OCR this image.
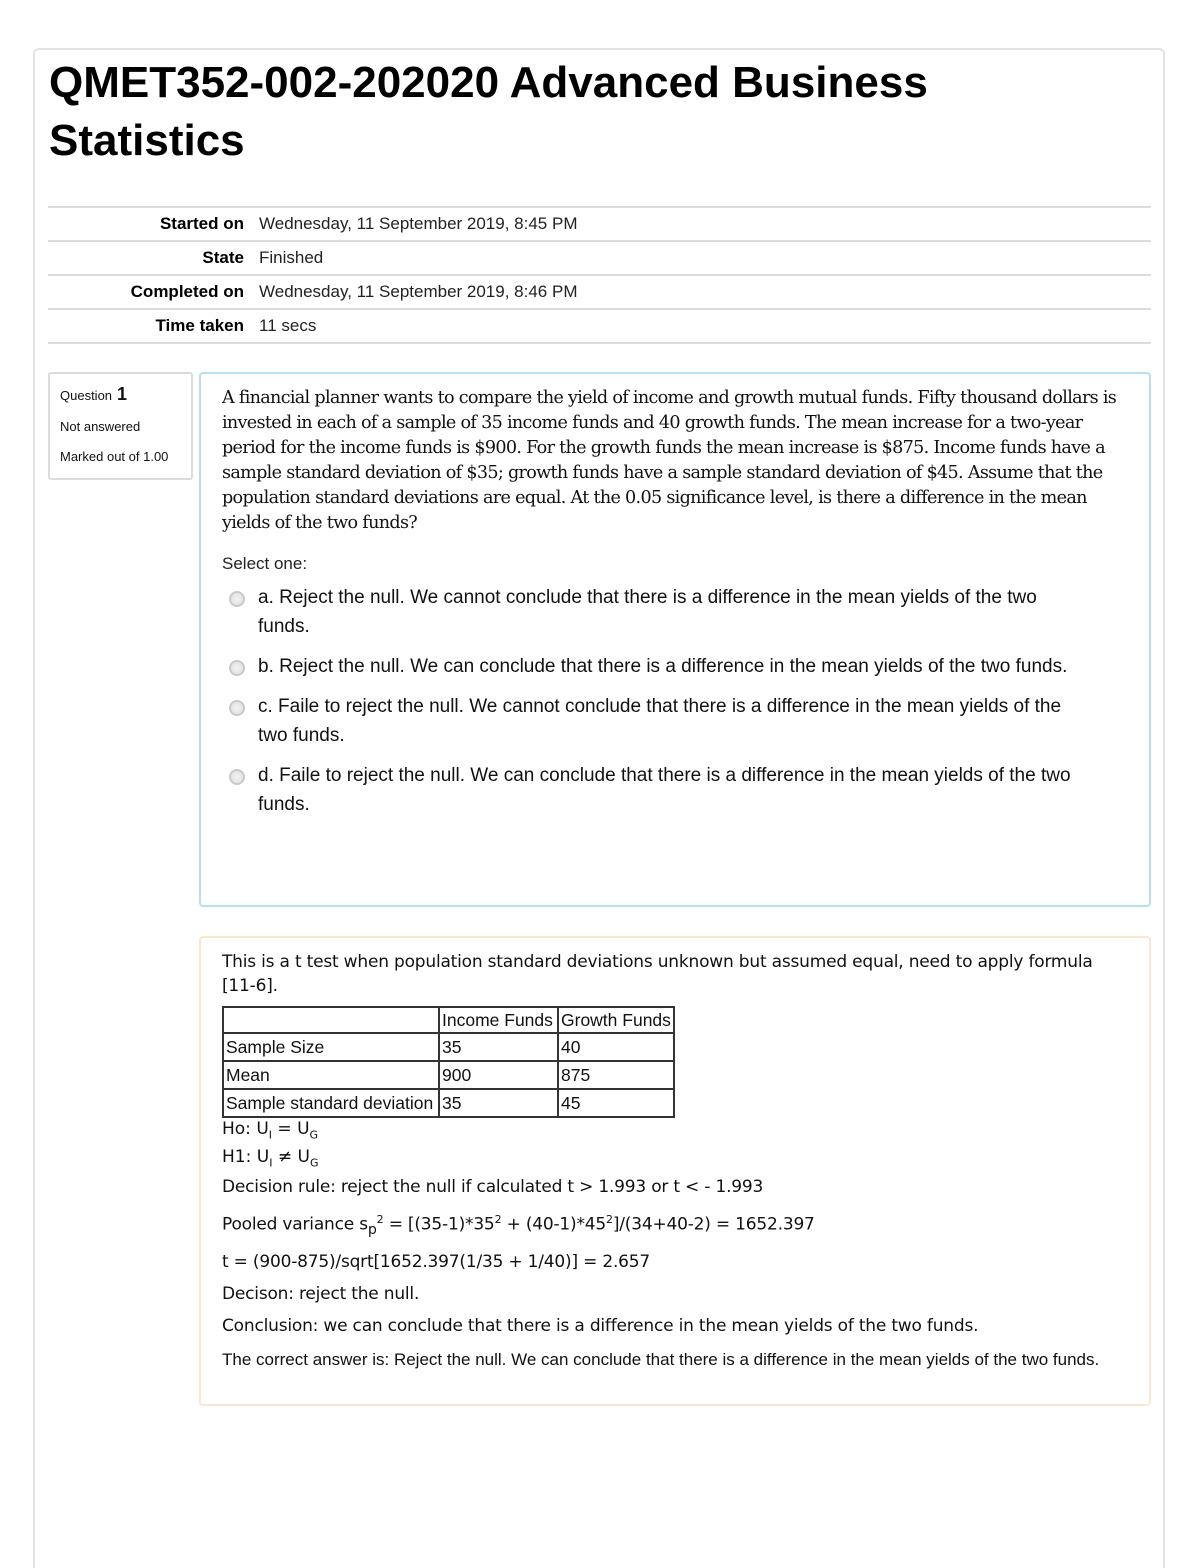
QMET352-002-202020 Advanced Business Statistics
Started on	Wednesday, 11 September 2019, 8:45 PM
State	Finished
Completed on	Wednesday, 11 September 2019, 8:46 PM
Time taken	11 secs
Question 1
Not answered
Marked out of 1.00

A financial planner wants to compare the yield of income and growth mutual funds. Fifty thousand dollars is invested in each of a sample of 35 income funds and 40 growth funds. The mean increase for a two-year period for the income funds is $900. For the growth funds the mean increase is $875. Income funds have a sample standard deviation of $35; growth funds have a sample standard deviation of $45. Assume that the population standard deviations are equal. At the 0.05 significance level, is there a difference in the mean yields of the two funds?

Select one:
a. Reject the null. We cannot conclude that there is a difference in the mean yields of the two funds.
b. Reject the null. We can conclude that there is a difference in the mean yields of the two funds.
c. Faile to reject the null. We cannot conclude that there is a difference in the mean yields of the two funds.
d. Faile to reject the null. We can conclude that there is a difference in the mean yields of the two funds.

This is a t test when population standard deviations unknown but assumed equal, need to apply formula [11-6].

	Income Funds	Growth Funds
Sample Size	35	40
Mean	900	875
Sample standard deviation	35	45
Ho: $U_I = U_G$
H1: $U_I \ne U_G$
Decision rule: reject the null if calculated t > 1.993 or t < - 1.993
Pooled variance $s_p^2 = [(35-1)*35^2 + (40-1)*45^2]/(34+40-2) = 1652.397$
t = (900-875)/sqrt[1652.397(1/35 + 1/40)] = 2.657
Decison: reject the null.
Conclusion: we can conclude that there is a difference in the mean yields of the two funds.
The correct answer is: Reject the null. We can conclude that there is a difference in the mean yields of the two funds.
